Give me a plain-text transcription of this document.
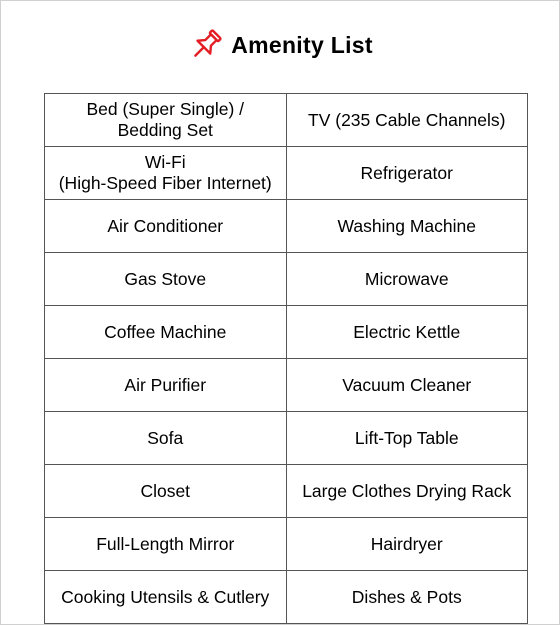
Amenity List
Bed (Super Single) /
Bedding Set	TV (235 Cable Channels)
Wi-Fi
(High-Speed Fiber Internet)	Refrigerator
Air Conditioner	Washing Machine
Gas Stove	Microwave
Coffee Machine	Electric Kettle
Air Purifier	Vacuum Cleaner
Sofa	Lift-Top Table
Closet	Large Clothes Drying Rack
Full-Length Mirror	Hairdryer
Cooking Utensils & Cutlery	Dishes & Pots
